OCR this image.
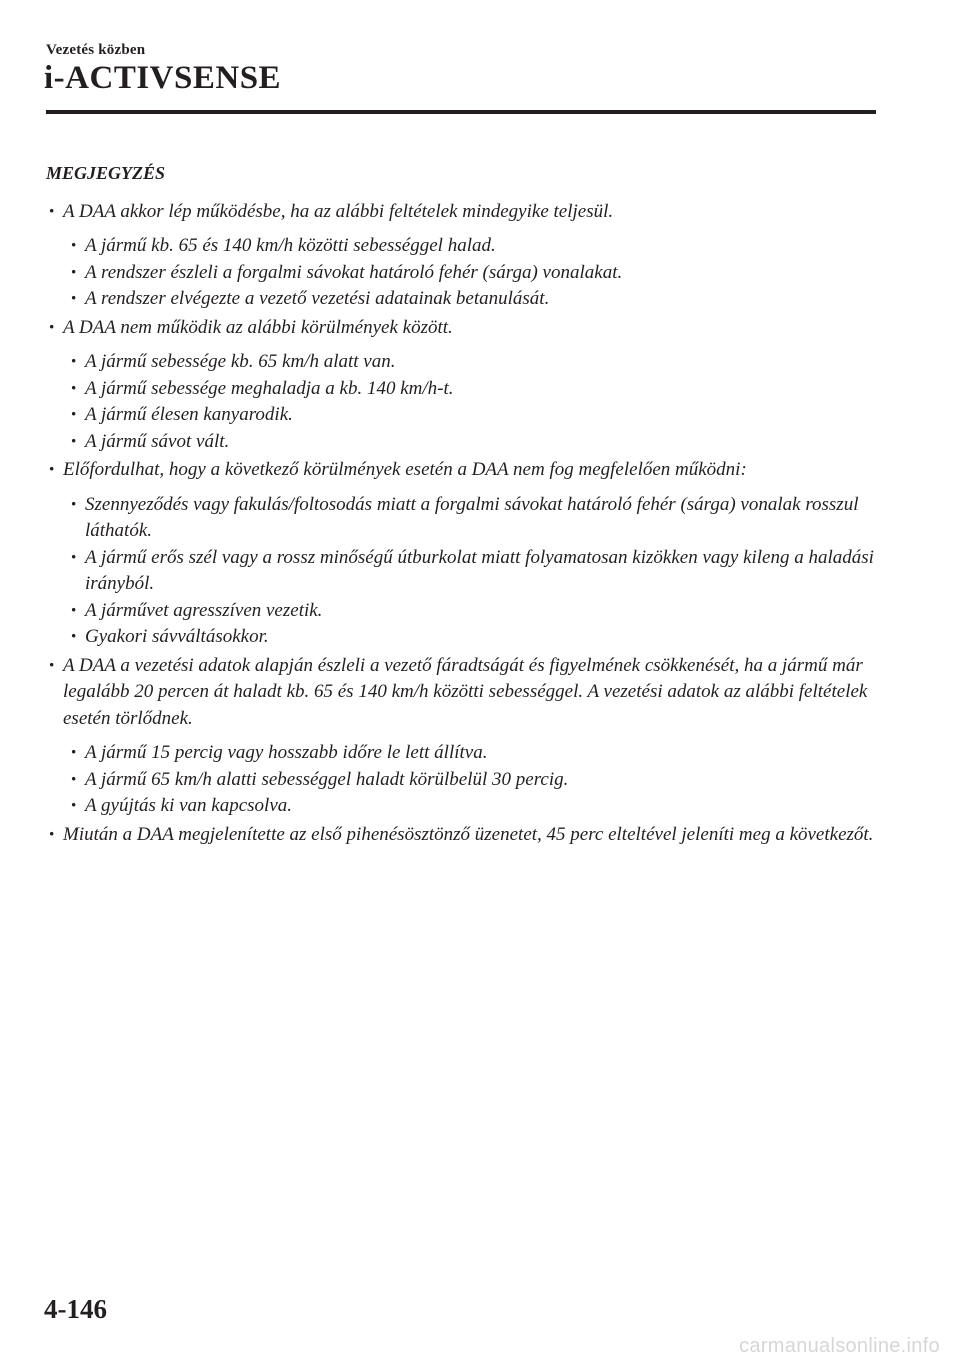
Vezetés közben
i-ACTIVSENSE
MEGJEGYZÉS
· A DAA akkor lép működésbe, ha az alábbi feltételek mindegyike teljesül.
· A jármű kb. 65 és 140 km/h közötti sebességgel halad.
· A rendszer észleli a forgalmi sávokat határoló fehér (sárga) vonalakat.
· A rendszer elvégezte a vezető vezetési adatainak betanulását.
· A DAA nem működik az alábbi körülmények között.
· A jármű sebessége kb. 65 km/h alatt van.
· A jármű sebessége meghaladja a kb. 140 km/h-t.
· A jármű élesen kanyarodik.
· A jármű sávot vált.
· Előfordulhat, hogy a következő körülmények esetén a DAA nem fog megfelelően működni:
· Szennyeződés vagy fakulás/foltosodás miatt a forgalmi sávokat határoló fehér (sárga) vonalak rosszul láthatók.
· A jármű erős szél vagy a rossz minőségű útburkolat miatt folyamatosan kizökken vagy kileng a haladási irányból.
· A járművet agresszíven vezetik.
· Gyakori sávváltásokkor.
· A DAA a vezetési adatok alapján észleli a vezető fáradtságát és figyelmének csökkenését, ha a jármű már legalább 20 percen át haladt kb. 65 és 140 km/h közötti sebességgel. A vezetési adatok az alábbi feltételek esetén törlődnek.
· A jármű 15 percig vagy hosszabb időre le lett állítva.
· A jármű 65 km/h alatti sebességgel haladt körülbelül 30 percig.
· A gyújtás ki van kapcsolva.
· Miután a DAA megjelenítette az első pihenésösztönző üzenetet, 45 perc elteltével jeleníti meg a következőt.
4-146
carmanualsonline.info
